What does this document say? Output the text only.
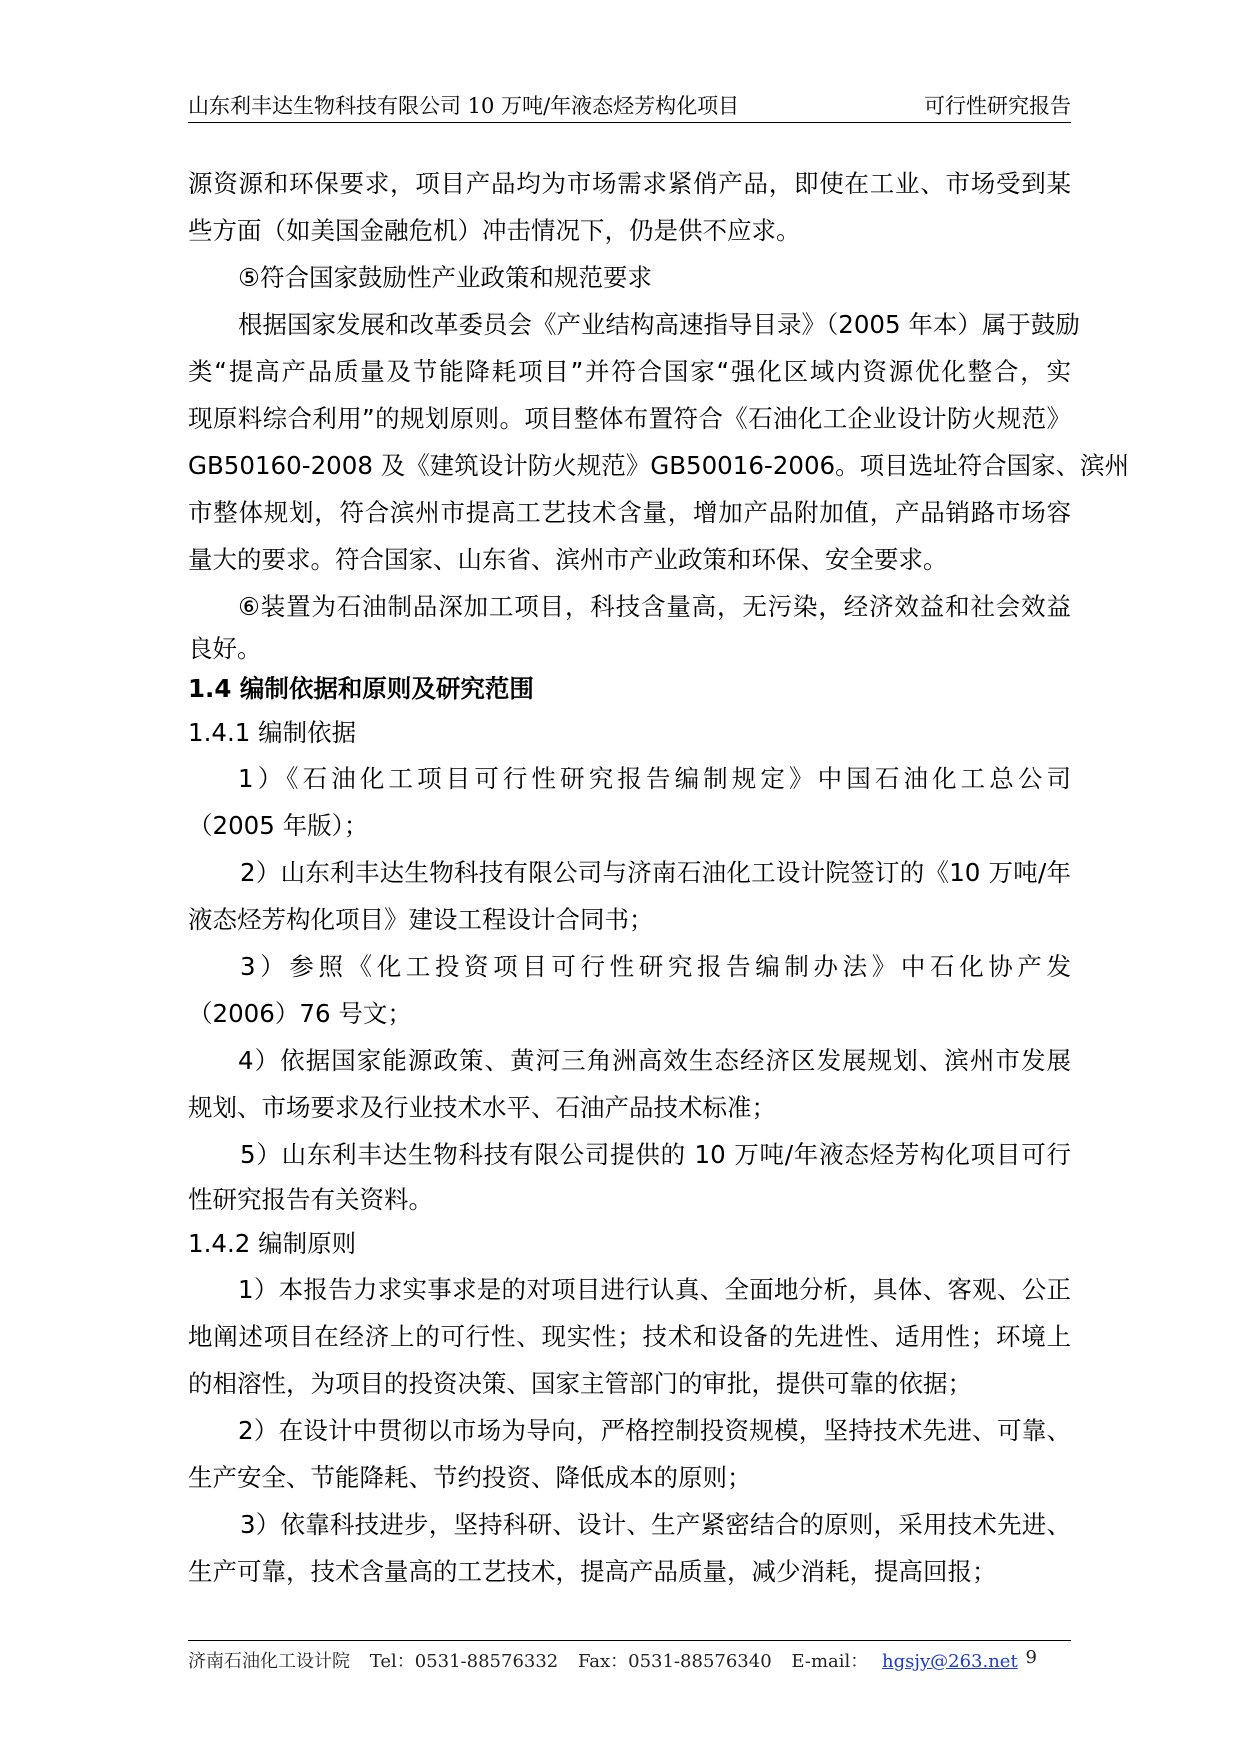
山东利丰达生物科技有限公司 10 万吨/年液态烃芳构化项目	可行性研究报告

源资源和环保要求，项目产品均为市场需求紧俏产品，即使在工业、市场受到某

些方面（如美国金融危机）冲击情况下，仍是供不应求。

⑤符合国家鼓励性产业政策和规范要求

根据国家发展和改革委员会《产业结构高速指导目录》（2005 年本）属于鼓励

类“提高产品质量及节能降耗项目”并符合国家“强化区域内资源优化整合，实

现原料综合利用”的规划原则。项目整体布置符合《石油化工企业设计防火规范》

GB50160-2008 及《建筑设计防火规范》GB50016-2006。项目选址符合国家、滨州

市整体规划，符合滨州市提高工艺技术含量，增加产品附加值，产品销路市场容

量大的要求。符合国家、山东省、滨州市产业政策和环保、安全要求。

⑥装置为石油制品深加工项目，科技含量高，无污染，经济效益和社会效益

良好。

1.4 编制依据和原则及研究范围

1.4.1 编制依据

1）《石油化工项目可行性研究报告编制规定》中国石油化工总公司

（2005 年版）；

2）山东利丰达生物科技有限公司与济南石油化工设计院签订的《10 万吨/年

液态烃芳构化项目》建设工程设计合同书；

3）参照《化工投资项目可行性研究报告编制办法》中石化协产发

（2006）76 号文；

4）依据国家能源政策、黄河三角洲高效生态经济区发展规划、滨州市发展

规划、市场要求及行业技术水平、石油产品技术标准；

5）山东利丰达生物科技有限公司提供的 10 万吨/年液态烃芳构化项目可行

性研究报告有关资料。

1.4.2 编制原则

1）本报告力求实事求是的对项目进行认真、全面地分析，具体、客观、公正

地阐述项目在经济上的可行性、现实性；技术和设备的先进性、适用性；环境上

的相溶性，为项目的投资决策、国家主管部门的审批，提供可靠的依据；

2）在设计中贯彻以市场为导向，严格控制投资规模，坚持技术先进、可靠、

生产安全、节能降耗、节约投资、降低成本的原则；

3）依靠科技进步，坚持科研、设计、生产紧密结合的原则，采用技术先进、

生产可靠，技术含量高的工艺技术，提高产品质量，减少消耗，提高回报；

济南石油化工设计院 Tel：0531-88576332 Fax：0531-88576340 E-mail： hgsjy@263.net 9
